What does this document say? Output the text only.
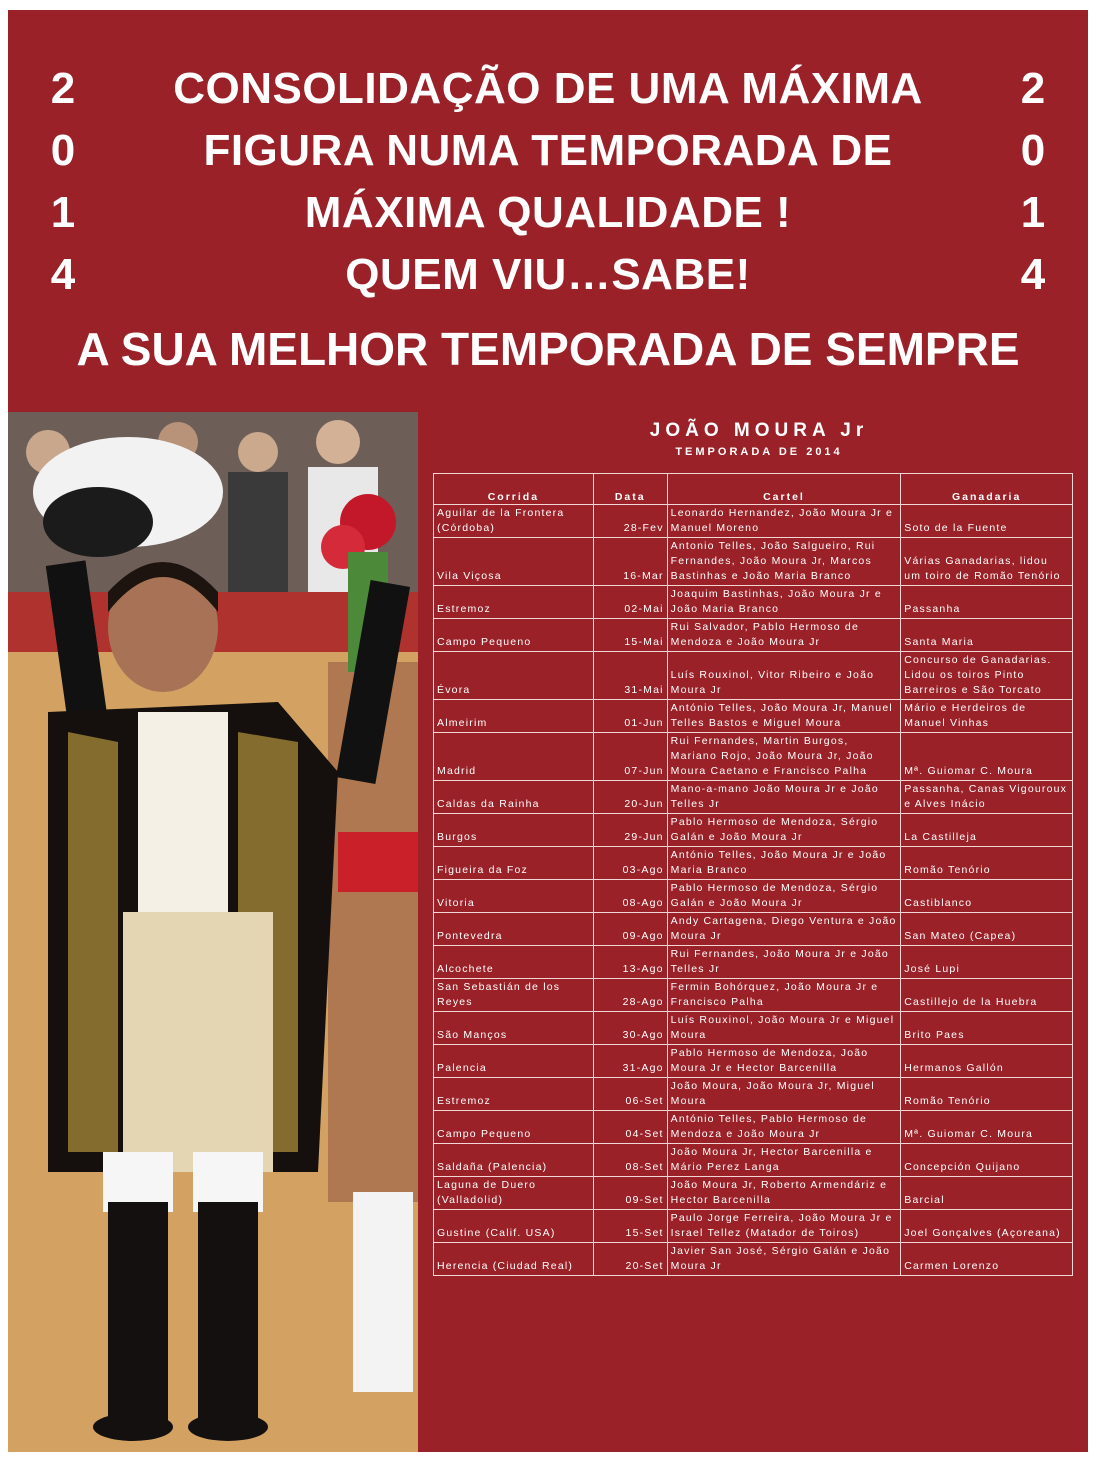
2	CONSOLIDAÇÃO DE UMA MÁXIMA	2
0	FIGURA NUMA TEMPORADA DE	0
1	MÁXIMA QUALIDADE !	1
4	QUEM VIU…SABE!	4
A SUA MELHOR TEMPORADA DE SEMPRE
JOÃO MOURA Jr
TEMPORADA DE 2014
Corrida	Data	Cartel	Ganadaria
Aguilar de la Frontera (Córdoba)	28-Fev	Leonardo Hernandez, João Moura Jr e Manuel Moreno	Soto de la Fuente
Vila Viçosa	16-Mar	Antonio Telles, João Salgueiro, Rui Fernandes, João Moura Jr, Marcos Bastinhas e João Maria Branco	Várias Ganadarias, lidou um toiro de Romão Tenório
Estremoz	02-Mai	Joaquim Bastinhas, João Moura Jr e João Maria Branco	Passanha
Campo Pequeno	15-Mai	Rui Salvador, Pablo Hermoso de Mendoza e João Moura Jr	Santa Maria
Évora	31-Mai	Luís Rouxinol, Vitor Ribeiro e João Moura Jr	Concurso de Ganadarias. Lidou os toiros Pinto Barreiros e São Torcato
Almeirim	01-Jun	António Telles, João Moura Jr, Manuel Telles Bastos e Miguel Moura	Mário e Herdeiros de Manuel Vinhas
Madrid	07-Jun	Rui Fernandes, Martin Burgos, Mariano Rojo, João Moura Jr, João Moura Caetano e Francisco Palha	Mª. Guiomar C. Moura
Caldas da Rainha	20-Jun	Mano-a-mano João Moura Jr e João Telles Jr	Passanha, Canas Vigouroux e Alves Inácio
Burgos	29-Jun	Pablo Hermoso de Mendoza, Sérgio Galán e João Moura Jr	La Castilleja
Figueira da Foz	03-Ago	António Telles, João Moura Jr e João Maria Branco	Romão Tenório
Vitoria	08-Ago	Pablo Hermoso de Mendoza, Sérgio Galán e João Moura Jr	Castiblanco
Pontevedra	09-Ago	Andy Cartagena, Diego Ventura e João Moura Jr	San Mateo (Capea)
Alcochete	13-Ago	Rui Fernandes, João Moura Jr e João Telles Jr	José Lupi
San Sebastián de los Reyes	28-Ago	Fermin Bohórquez, João Moura Jr e Francisco Palha	Castillejo de la Huebra
São Manços	30-Ago	Luís Rouxinol, João Moura Jr e Miguel Moura	Brito Paes
Palencia	31-Ago	Pablo Hermoso de Mendoza, João Moura Jr e Hector Barcenilla	Hermanos Gallón
Estremoz	06-Set	João Moura, João Moura Jr, Miguel Moura	Romão Tenório
Campo Pequeno	04-Set	António Telles, Pablo Hermoso de Mendoza e João Moura Jr	Mª. Guiomar C. Moura
Saldaña (Palencia)	08-Set	João Moura Jr, Hector Barcenilla e Mário Perez Langa	Concepción Quijano
Laguna de Duero (Valladolid)	09-Set	João Moura Jr, Roberto Armendáriz e Hector Barcenilla	Barcial
Gustine (Calif. USA)	15-Set	Paulo Jorge Ferreira, João Moura Jr e Israel Tellez (Matador de Toiros)	Joel Gonçalves (Açoreana)
Herencia (Ciudad Real)	20-Set	Javier San José, Sérgio Galán e João Moura Jr	Carmen Lorenzo
